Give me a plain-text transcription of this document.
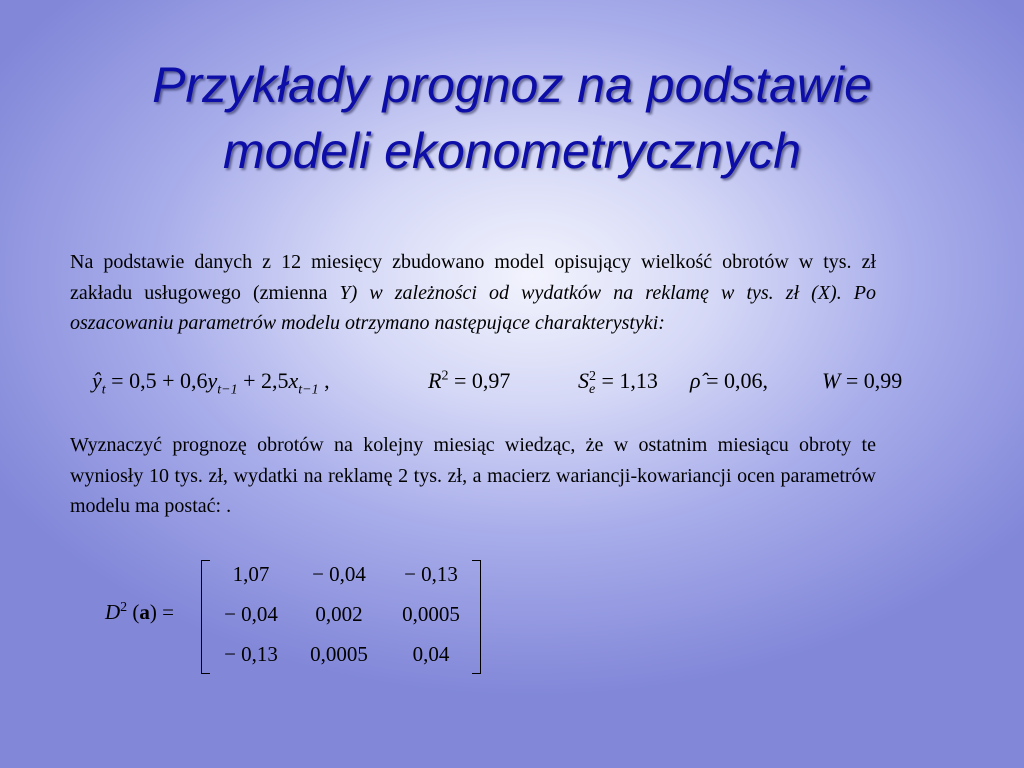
Przykłady prognoz na podstawie
modeli ekonometrycznych

Na podstawie danych z 12 miesięcy zbudowano model opisujący wielkość obrotów w tys. zł zakładu usługowego (zmienna Y) w zależności od wydatków na reklamę w tys. zł (X). Po oszacowaniu parametrów modelu otrzymano następujące charakterystyki:

$ŷ_t = 0,5 + 0,6y_{t-1} + 2,5x_{t-1}$ ,	$R^2 = 0,97$	S 2
e = 1,13 ρ̂ = 0,06, W = 0,99

Wyznaczyć prognozę obrotów na kolejny miesiąc wiedząc, że w ostatnim miesiącu obroty te wyniosły 10 tys. zł, wydatki na reklamę 2 tys. zł, a macierz wariancji-kowariancji ocen parametrów modelu ma postać: .

$D^2$ (a) =
1,07	− 0,04	− 0,13
− 0,04	0,002	0,0005
− 0,13	0,0005	0,04
